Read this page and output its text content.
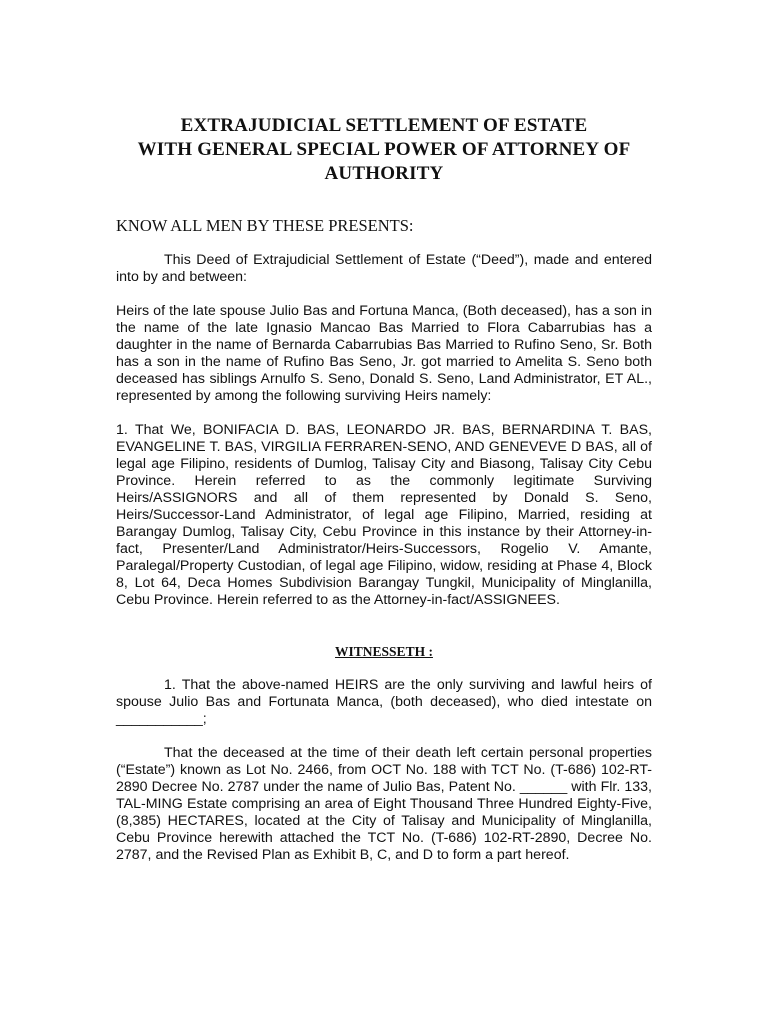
EXTRAJUDICIAL SETTLEMENT OF ESTATE

WITH GENERAL SPECIAL POWER OF ATTORNEY OF

AUTHORITY

KNOW ALL MEN BY THESE PRESENTS:

This Deed of Extrajudicial Settlement of Estate (“Deed”), made and entered into by and between:

Heirs of the late spouse Julio Bas and Fortuna Manca, (Both deceased), has a son in the name of the late Ignasio Mancao Bas Married to Flora Cabarrubias has a daughter in the name of Bernarda Cabarrubias Bas Married to Rufino Seno, Sr. Both has a son in the name of Rufino Bas Seno, Jr. got married to Amelita S. Seno both deceased has siblings Arnulfo S. Seno, Donald S. Seno, Land Administrator, ET AL., represented by among the following surviving Heirs namely:

1. That We, BONIFACIA D. BAS, LEONARDO JR. BAS, BERNARDINA T. BAS, EVANGELINE T. BAS, VIRGILIA FERRAREN-SENO, AND GENEVEVE D BAS, all of legal age Filipino, residents of Dumlog, Talisay City and Biasong, Talisay City Cebu Province. Herein referred to as the commonly legitimate Surviving Heirs/ASSIGNORS and all of them represented by Donald S. Seno, Heirs/Successor-Land Administrator, of legal age Filipino, Married, residing at Barangay Dumlog, Talisay City, Cebu Province in this instance by their Attorney-in-fact, Presenter/Land Administrator/Heirs-Successors, Rogelio V. Amante, Paralegal/Property Custodian, of legal age Filipino, widow, residing at Phase 4, Block 8, Lot 64, Deca Homes Subdivision Barangay Tungkil, Municipality of Minglanilla, Cebu Province. Herein referred to as the Attorney-in-fact/ASSIGNEES.

WITNESSETH :

1. That the above-named HEIRS are the only surviving and lawful heirs of spouse Julio Bas and Fortunata Manca, (both deceased), who died intestate on ___________;

That the deceased at the time of their death left certain personal properties (“Estate”) known as Lot No. 2466, from OCT No. 188 with TCT No. (T-686) 102-RT-2890 Decree No. 2787 under the name of Julio Bas, Patent No. ______ with Flr. 133, TAL-MING Estate comprising an area of Eight Thousand Three Hundred Eighty-Five, (8,385) HECTARES, located at the City of Talisay and Municipality of Minglanilla, Cebu Province herewith attached the TCT No. (T-686) 102-RT-2890, Decree No. 2787, and the Revised Plan as Exhibit B, C, and D to form a part hereof.
